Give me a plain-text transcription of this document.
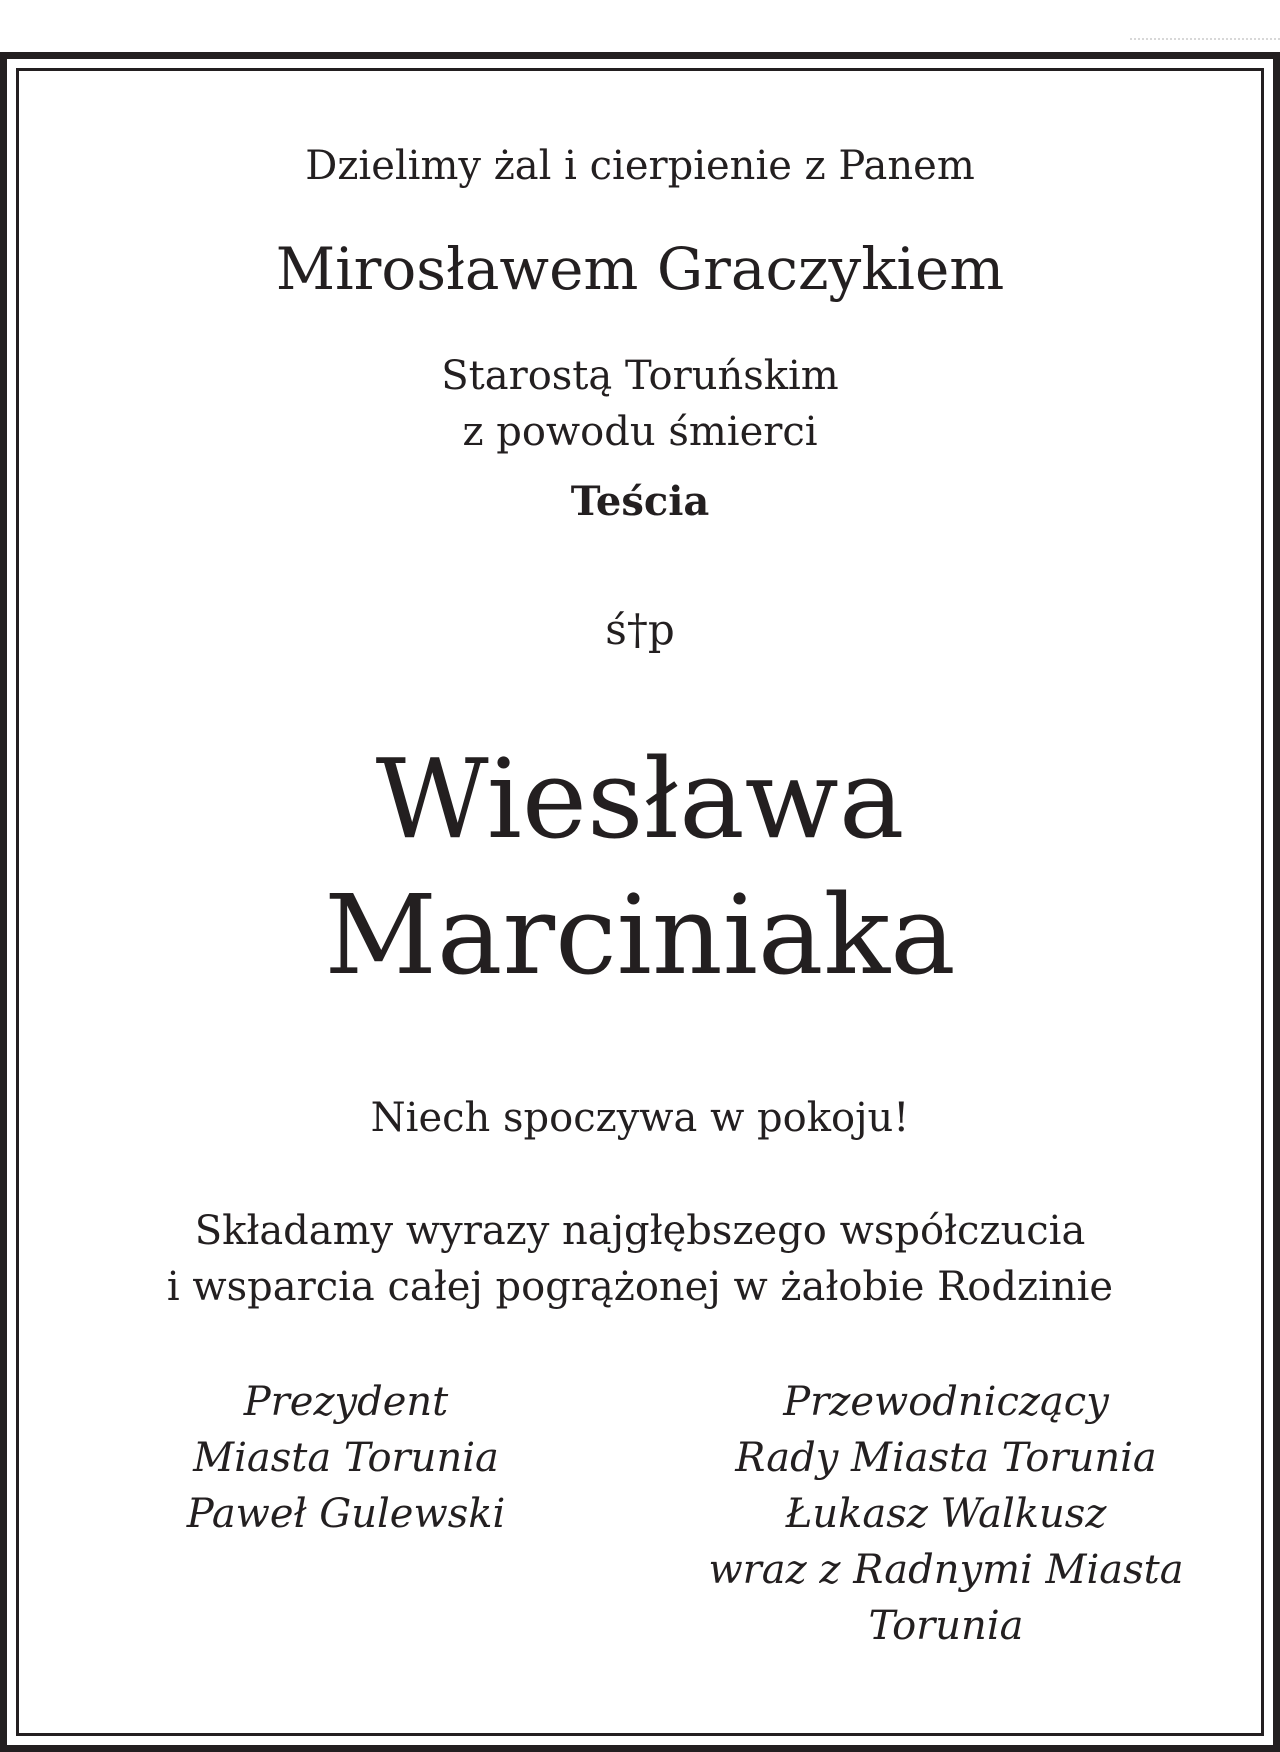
Dzielimy żal i cierpienie z Panem

Mirosławem Graczykiem
Starostą Toruńskim
z powodu śmierci

Teścia

ś†p

Wiesława
Marciniaka

Niech spoczywa w pokoju!

Składamy wyrazy najgłębszego współczucia
i wsparcia całej pogrążonej w żałobie Rodzinie
Prezydent
Miasta Torunia
Paweł Gulewski
Przewodniczący
Rady Miasta Torunia
Łukasz Walkusz
wraz z Radnymi Miasta
Torunia
